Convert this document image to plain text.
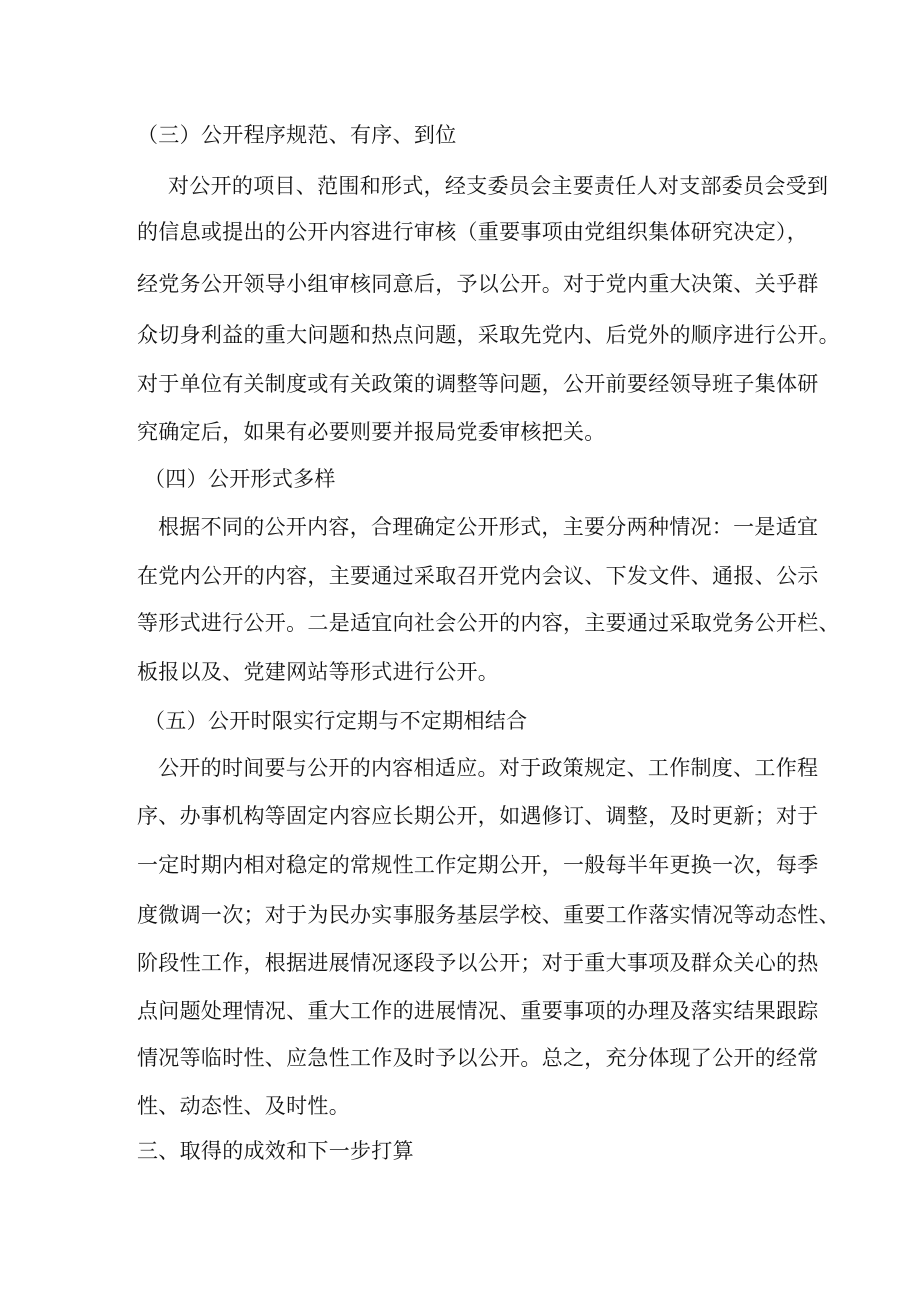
（三）公开程序规范、有序、到位
对公开的项目、范围和形式，经支委员会主要责任人对支部委员会受到
的信息或提出的公开内容进行审核（重要事项由党组织集体研究决定），
经党务公开领导小组审核同意后，予以公开。对于党内重大决策、关乎群
众切身利益的重大问题和热点问题，采取先党内、后党外的顺序进行公开。
对于单位有关制度或有关政策的调整等问题，公开前要经领导班子集体研
究确定后，如果有必要则要并报局党委审核把关。
（四）公开形式多样
根据不同的公开内容，合理确定公开形式，主要分两种情况：一是适宜
在党内公开的内容，主要通过采取召开党内会议、下发文件、通报、公示
等形式进行公开。二是适宜向社会公开的内容，主要通过采取党务公开栏、
板报以及、党建网站等形式进行公开。
（五）公开时限实行定期与不定期相结合
公开的时间要与公开的内容相适应。对于政策规定、工作制度、工作程
序、办事机构等固定内容应长期公开，如遇修订、调整，及时更新；对于
一定时期内相对稳定的常规性工作定期公开，一般每半年更换一次，每季
度微调一次；对于为民办实事服务基层学校、重要工作落实情况等动态性、
阶段性工作，根据进展情况逐段予以公开；对于重大事项及群众关心的热
点问题处理情况、重大工作的进展情况、重要事项的办理及落实结果跟踪
情况等临时性、应急性工作及时予以公开。总之，充分体现了公开的经常
性、动态性、及时性。
三、取得的成效和下一步打算
